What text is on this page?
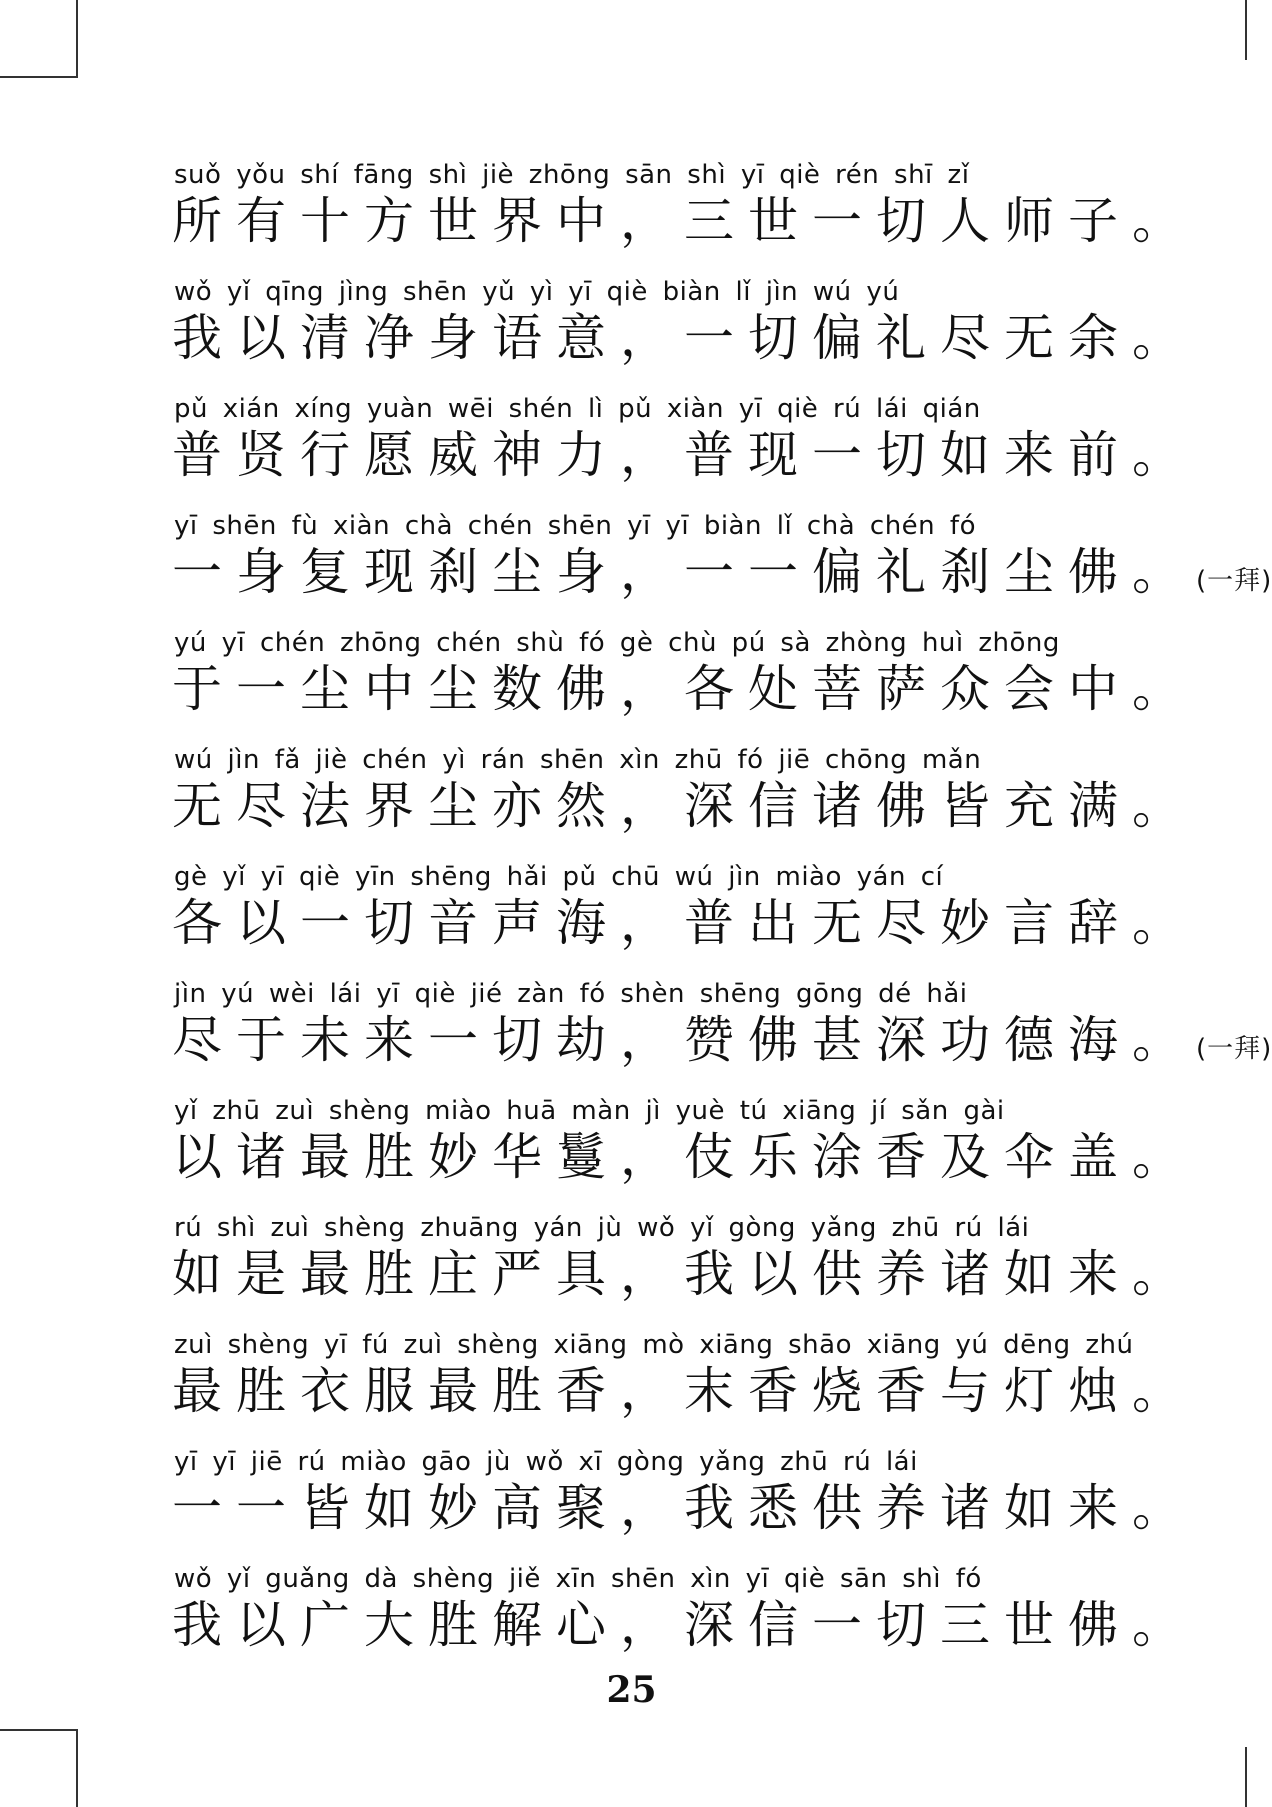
suǒ yǒu shí fāng shì jiè zhōng sān shì yī qiè rén shī zǐ
所有十方世界中，三世一切人师子。
wǒ yǐ qīng jìng shēn yǔ yì yī qiè biàn lǐ jìn wú yú
我以清净身语意，一切偏礼尽无余。
pǔ xián xíng yuàn wēi shén lì pǔ xiàn yī qiè rú lái qián
普贤行愿威神力，普现一切如来前。
yī shēn fù xiàn chà chén shēn yī yī biàn lǐ chà chén fó
一身复现刹尘身，一一偏礼刹尘佛。(一拜)
yú yī chén zhōng chén shù fó gè chù pú sà zhòng huì zhōng
于一尘中尘数佛，各处菩萨众会中。
wú jìn fǎ jiè chén yì rán shēn xìn zhū fó jiē chōng mǎn
无尽法界尘亦然，深信诸佛皆充满。
gè yǐ yī qiè yīn shēng hǎi pǔ chū wú jìn miào yán cí
各以一切音声海，普出无尽妙言辞。
jìn yú wèi lái yī qiè jié zàn fó shèn shēng gōng dé hǎi
尽于未来一切劫，赞佛甚深功德海。(一拜)
yǐ zhū zuì shèng miào huā màn jì yuè tú xiāng jí sǎn gài
以诸最胜妙华鬘，伎乐涂香及伞盖。
rú shì zuì shèng zhuāng yán jù wǒ yǐ gòng yǎng zhū rú lái
如是最胜庄严具，我以供养诸如来。
zuì shèng yī fú zuì shèng xiāng mò xiāng shāo xiāng yú dēng zhú
最胜衣服最胜香，末香烧香与灯烛。
yī yī jiē rú miào gāo jù wǒ xī gòng yǎng zhū rú lái
一一皆如妙高聚，我悉供养诸如来。
wǒ yǐ guǎng dà shèng jiě xīn shēn xìn yī qiè sān shì fó
我以广大胜解心，深信一切三世佛。
25
